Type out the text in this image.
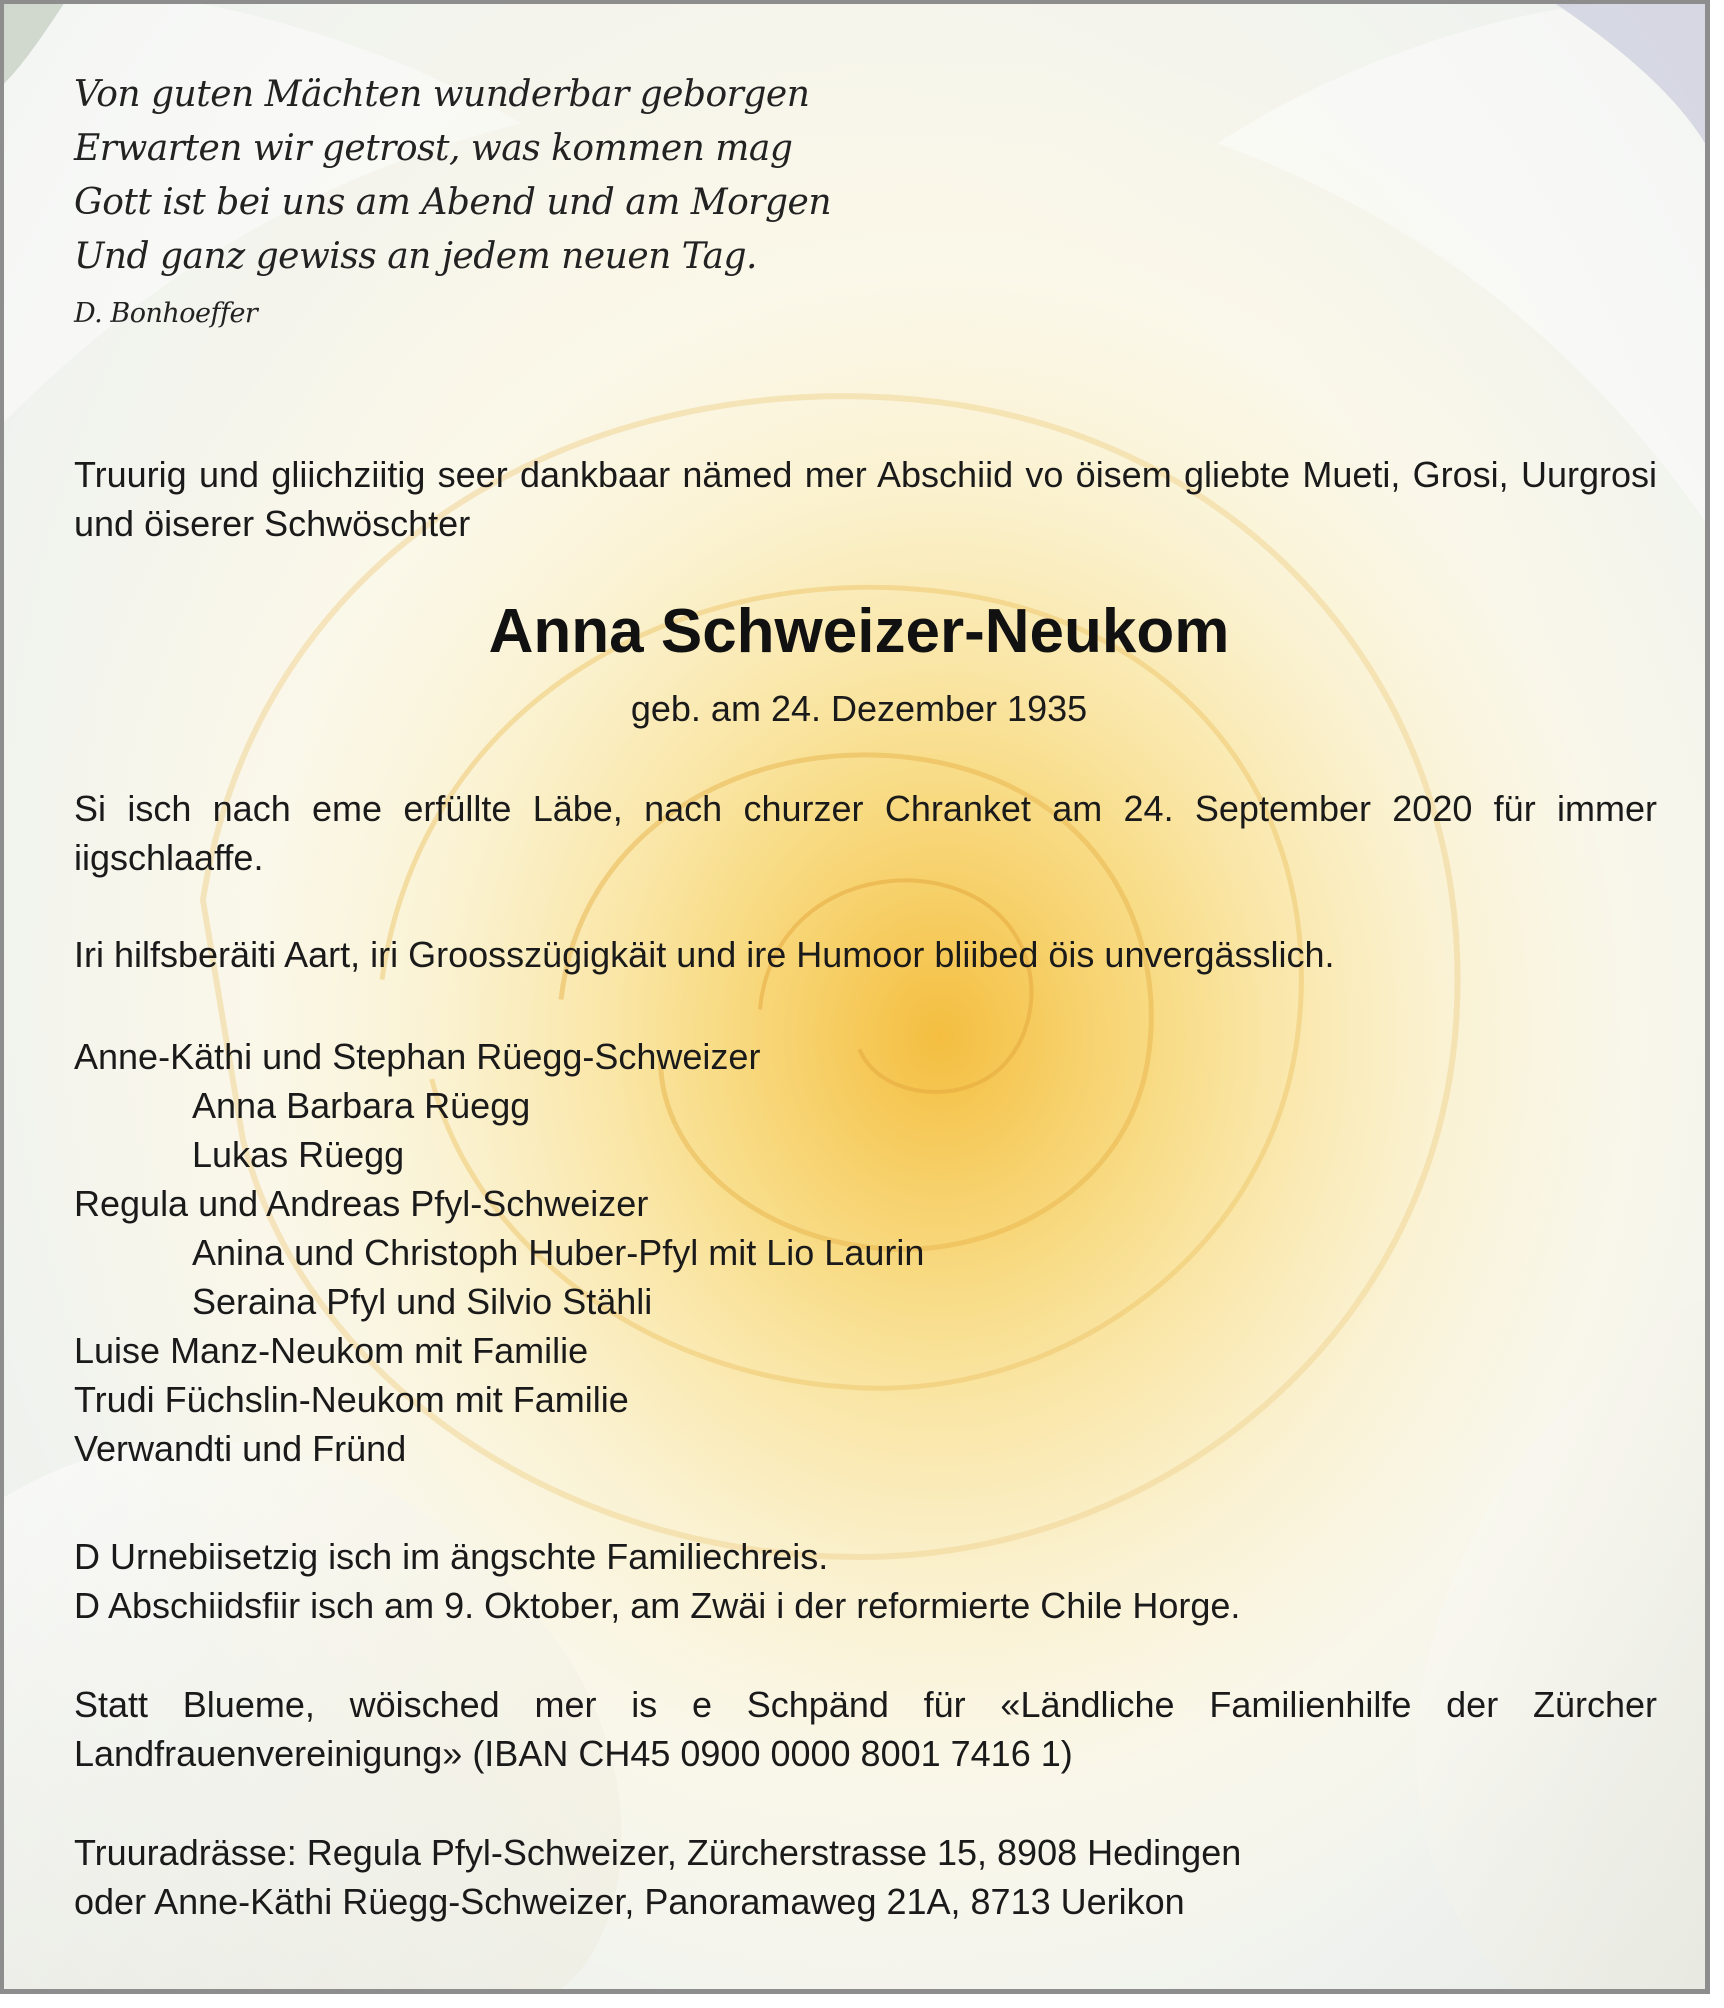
Von guten Mächten wunderbar geborgen
Erwarten wir getrost, was kommen mag
Gott ist bei uns am Abend und am Morgen
Und ganz gewiss an jedem neuen Tag.
D. Bonhoeffer
Truurig und gliichziitig seer dankbaar nämed mer Abschiid vo öisem gliebte Mueti, Grosi, Uurgrosi und öiserer Schwöschter
Anna Schweizer-Neukom
geb. am 24. Dezember 1935
Si isch nach eme erfüllte Läbe, nach churzer Chranket am 24. September 2020 für immer iigschlaaffe.
Iri hilfsberäiti Aart, iri Groosszügigkäit und ire Humoor bliibed öis unvergässlich.
Anne-Käthi und Stephan Rüegg-Schweizer
Anna Barbara Rüegg
Lukas Rüegg
Regula und Andreas Pfyl-Schweizer
Anina und Christoph Huber-Pfyl mit Lio Laurin
Seraina Pfyl und Silvio Stähli
Luise Manz-Neukom mit Familie
Trudi Füchslin-Neukom mit Familie
Verwandti und Fründ
D Urnebiisetzig isch im ängschte Familiechreis.
D Abschiidsfiir isch am 9. Oktober, am Zwäi i der reformierte Chile Horge.
Statt Blueme, wöisched mer is e Schpänd für «Ländliche Familienhilfe der Zürcher Landfrauenvereinigung» (IBAN CH45 0900 0000 8001 7416 1)
Truuradrässe: Regula Pfyl-Schweizer, Zürcherstrasse 15, 8908 Hedingen
oder Anne-Käthi Rüegg-Schweizer, Panoramaweg 21A, 8713 Uerikon
